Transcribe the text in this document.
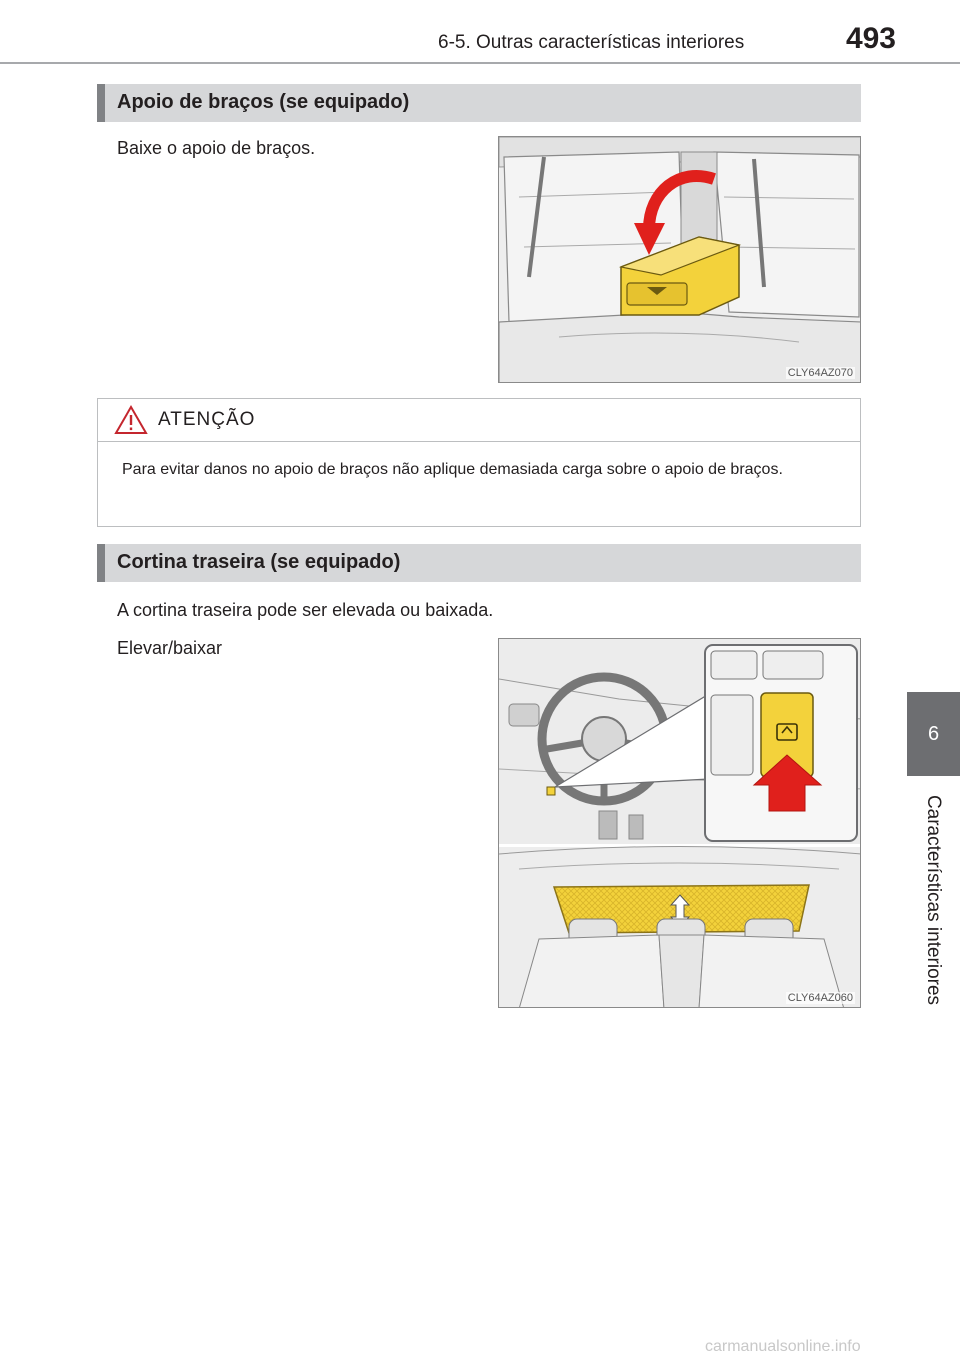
6-5. Outras características interiores	493
6
Características interiores
Apoio de braços (se equipado)
Baixe o apoio de braços.
CLY64AZ070
ATENÇÃO
Para evitar danos no apoio de braços não aplique demasiada carga sobre o apoio de braços.
Cortina traseira (se equipado)
A cortina traseira pode ser elevada ou baixada.
Elevar/baixar
CLY64AZ060
carmanualsonline.info
